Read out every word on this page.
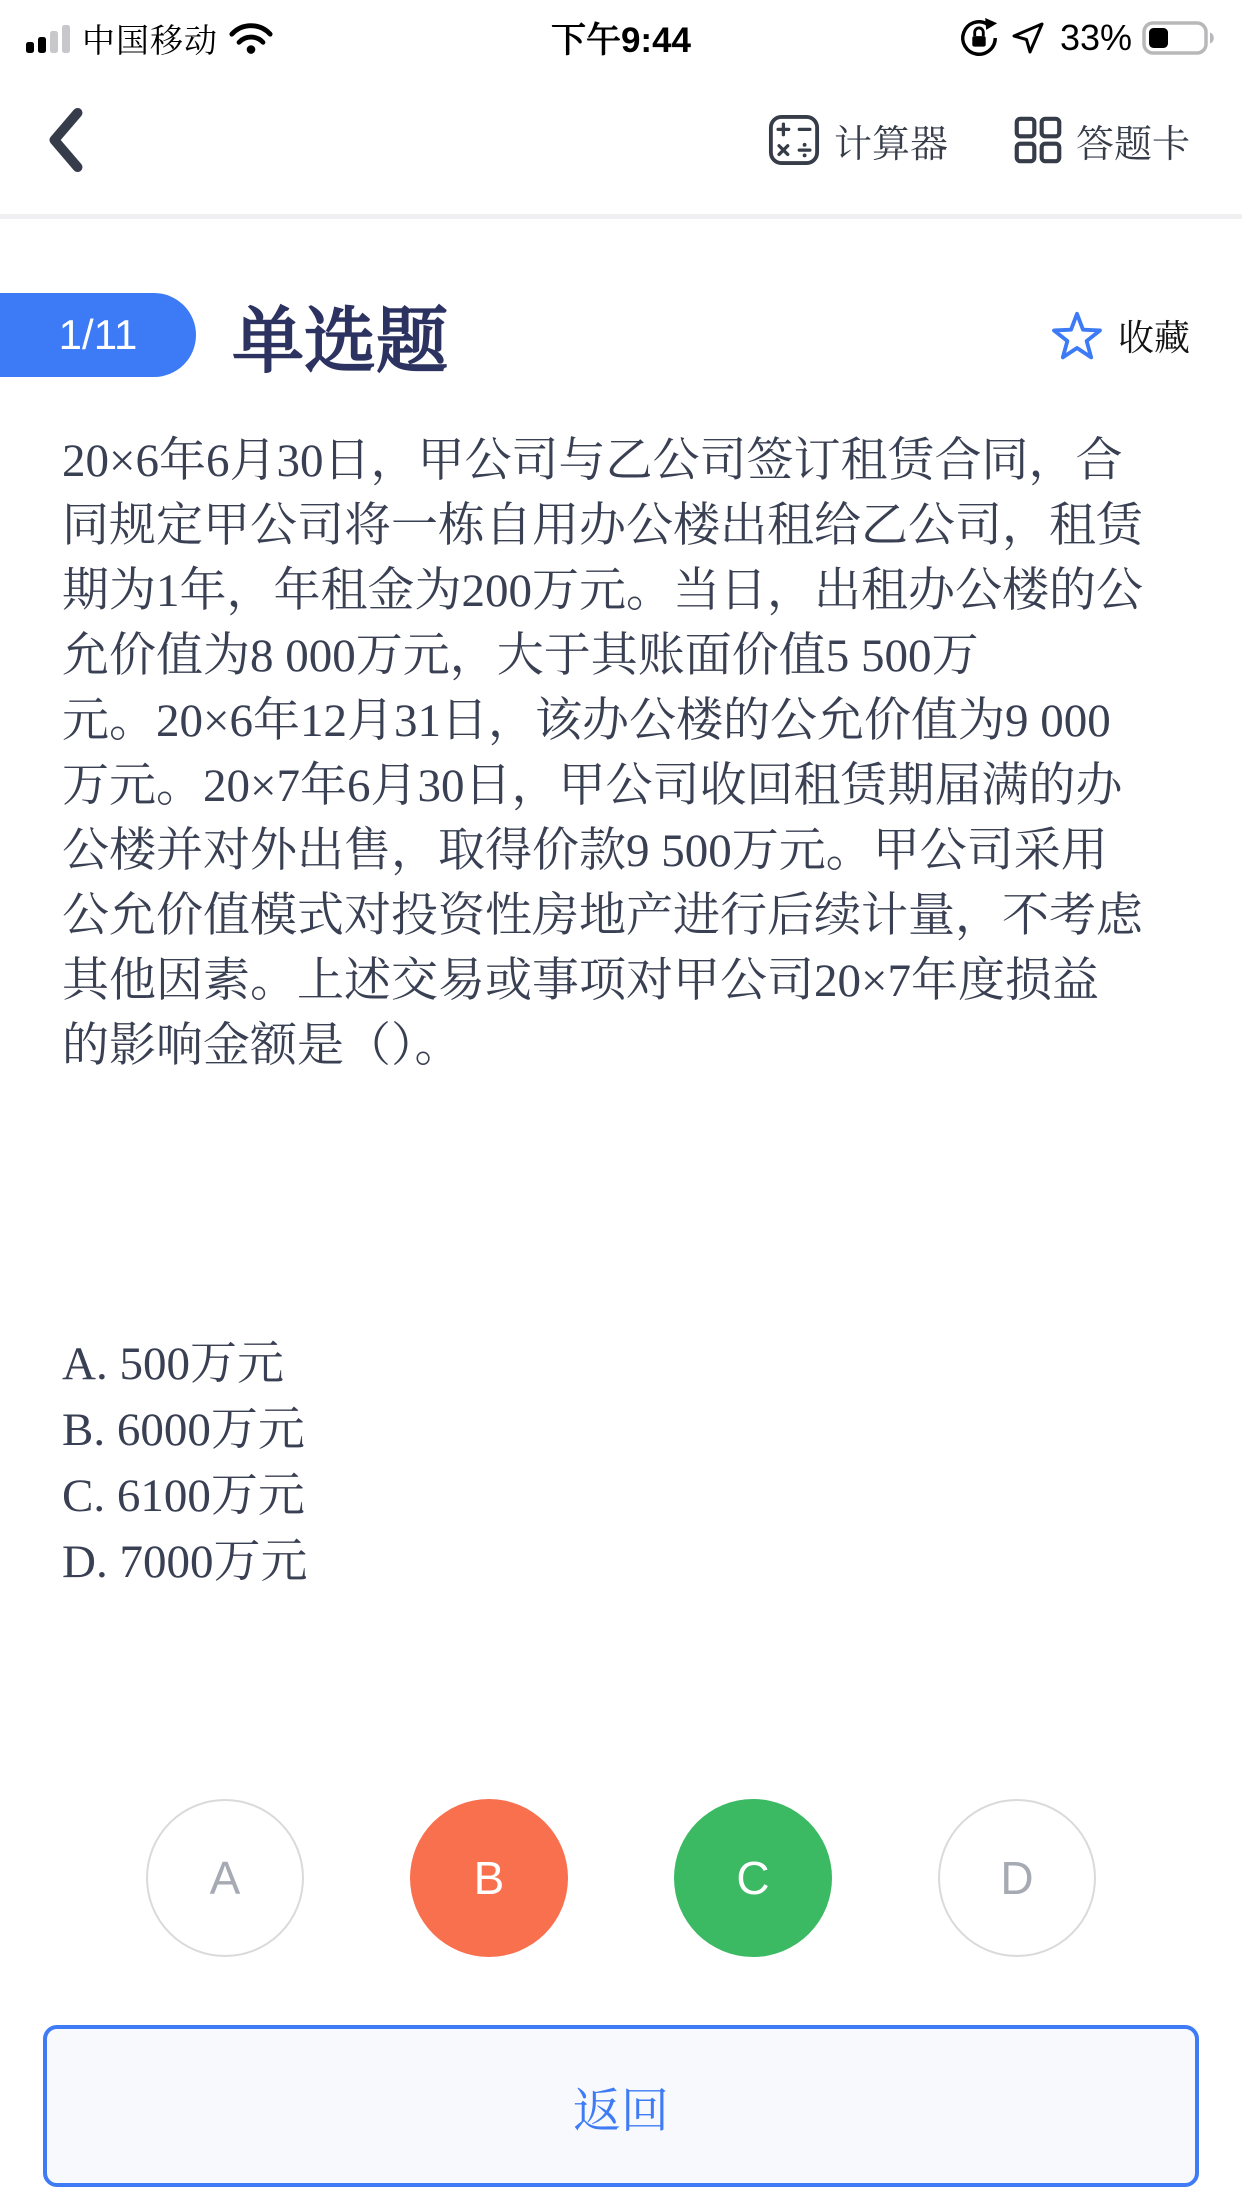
中国移动	下午9:44	33%
计算器	答题卡
1/11	单选题	收藏
20×6年6月30日，甲公司与乙公司签订租赁合同，合
同规定甲公司将一栋自用办公楼出租给乙公司，租赁
期为1年，年租金为200万元。当日，出租办公楼的公
允价值为8 000万元，大于其账面价值5 500万
元。20×6年12月31日，该办公楼的公允价值为9 000
万元。20×7年6月30日，甲公司收回租赁期届满的办
公楼并对外出售，取得价款9 500万元。甲公司采用
公允价值模式对投资性房地产进行后续计量，不考虑
其他因素。上述交易或事项对甲公司20×7年度损益
的影响金额是（）。
A. 500万元
B. 6000万元
C. 6100万元
D. 7000万元
A	B	C	D
返回
